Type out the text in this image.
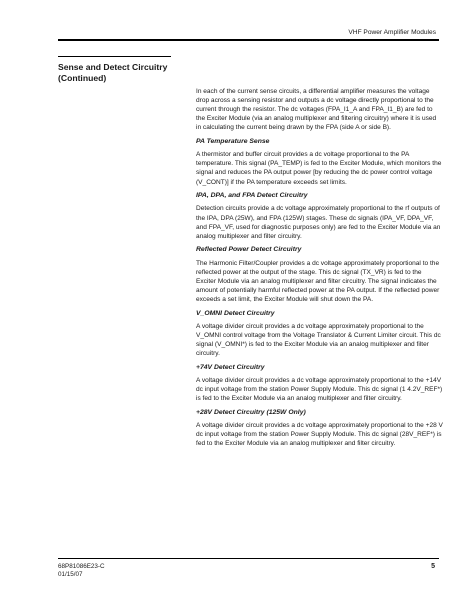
VHF Power Amplifier Modules
Sense and Detect Circuitry
(Continued)

In each of the current sense circuits, a differential amplifier measures the voltage drop across a sensing resistor and outputs a dc voltage directly proportional to the current through the resistor. The dc voltages (FPA_I1_A and FPA_I1_B) are fed to the Exciter Module (via an analog multiplexer and filtering circuitry) where it is used in calculating the current being drawn by the FPA (side A or side B).

PA Temperature Sense

A thermistor and buffer circuit provides a dc voltage proportional to the PA temperature. This signal (PA_TEMP) is fed to the Exciter Module, which monitors the signal and reduces the PA output power [by reducing the dc power control voltage (V_CONT)] if the PA temperature exceeds set limits.

IPA, DPA, and FPA Detect Circuitry

Detection circuits provide a dc voltage approximately proportional to the rf outputs of the IPA, DPA (25W), and FPA (125W) stages. These dc signals (IPA_VF, DPA_VF, and FPA_VF, used for diagnostic purposes only) are fed to the Exciter Module via an analog multiplexer and filter circuitry.

Reflected Power Detect Circuitry

The Harmonic Filter/Coupler provides a dc voltage approximately proportional to the reflected power at the output of the stage. This dc signal (TX_VR) is fed to the Exciter Module via an analog multiplexer and filter circuitry. The signal indicates the amount of potentially harmful reflected power at the PA output. If the reflected power exceeds a set limit, the Exciter Module will shut down the PA.

V_OMNI Detect Circuitry

A voltage divider circuit provides a dc voltage approximately proportional to the V_OMNI control voltage from the Voltage Translator & Current Limiter circuit. This dc signal (V_OMNI*) is fed to the Exciter Module via an analog multiplexer and filter circuitry.

+74V Detect Circuitry

A voltage divider circuit provides a dc voltage approximately proportional to the +14V dc input voltage from the station Power Supply Module. This dc signal (1 4.2V_REF*) is fed to the Exciter Module via an analog multiplexer and filter circuitry.

+28V Detect Circuitry (125W Only)

A voltage divider circuit provides a dc voltage approximately proportional to the +28 V dc input voltage from the station Power Supply Module. This dc signal (28V_REF*) is fed to the Exciter Module via an analog multiplexer and filter circuitry.

68P81086E23-C
01/15/07
5
